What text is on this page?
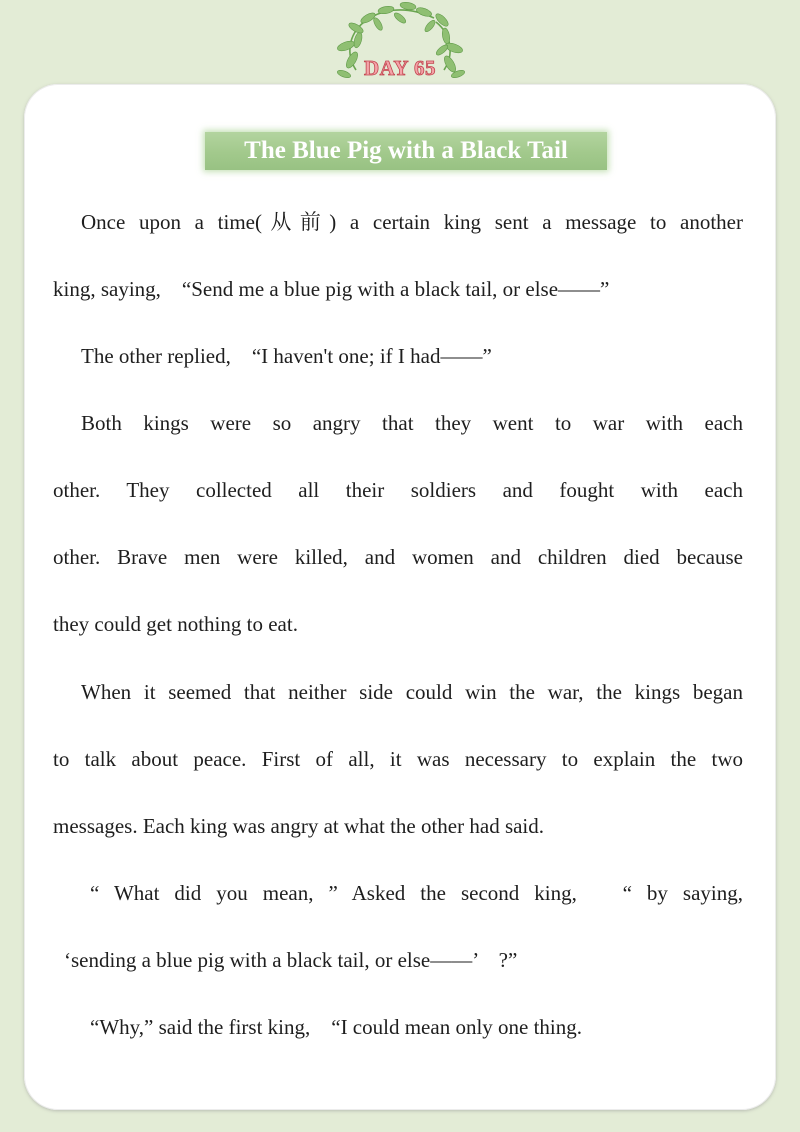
DAY 65
The Blue Pig with a Black Tail
Once upon a time(从前) a certain king sent a message to another
king, saying,　“Send me a blue pig with a black tail, or else——”
The other replied,　“I haven't one; if I had——”
Both kings were so angry that they went to war with each
other. They collected all their soldiers and fought with each
other. Brave men were killed, and women and children died because
they could get nothing to eat.
When it seemed that neither side could win the war, the kings began
to talk about peace. First of all, it was necessary to explain the two
messages. Each king was angry at what the other had said.
“ What did you mean, ” Asked the second king, 　“ by saying,
‘sending a blue pig with a black tail, or else——’　?”
“Why,” said the first king,　“I could mean only one thing.
